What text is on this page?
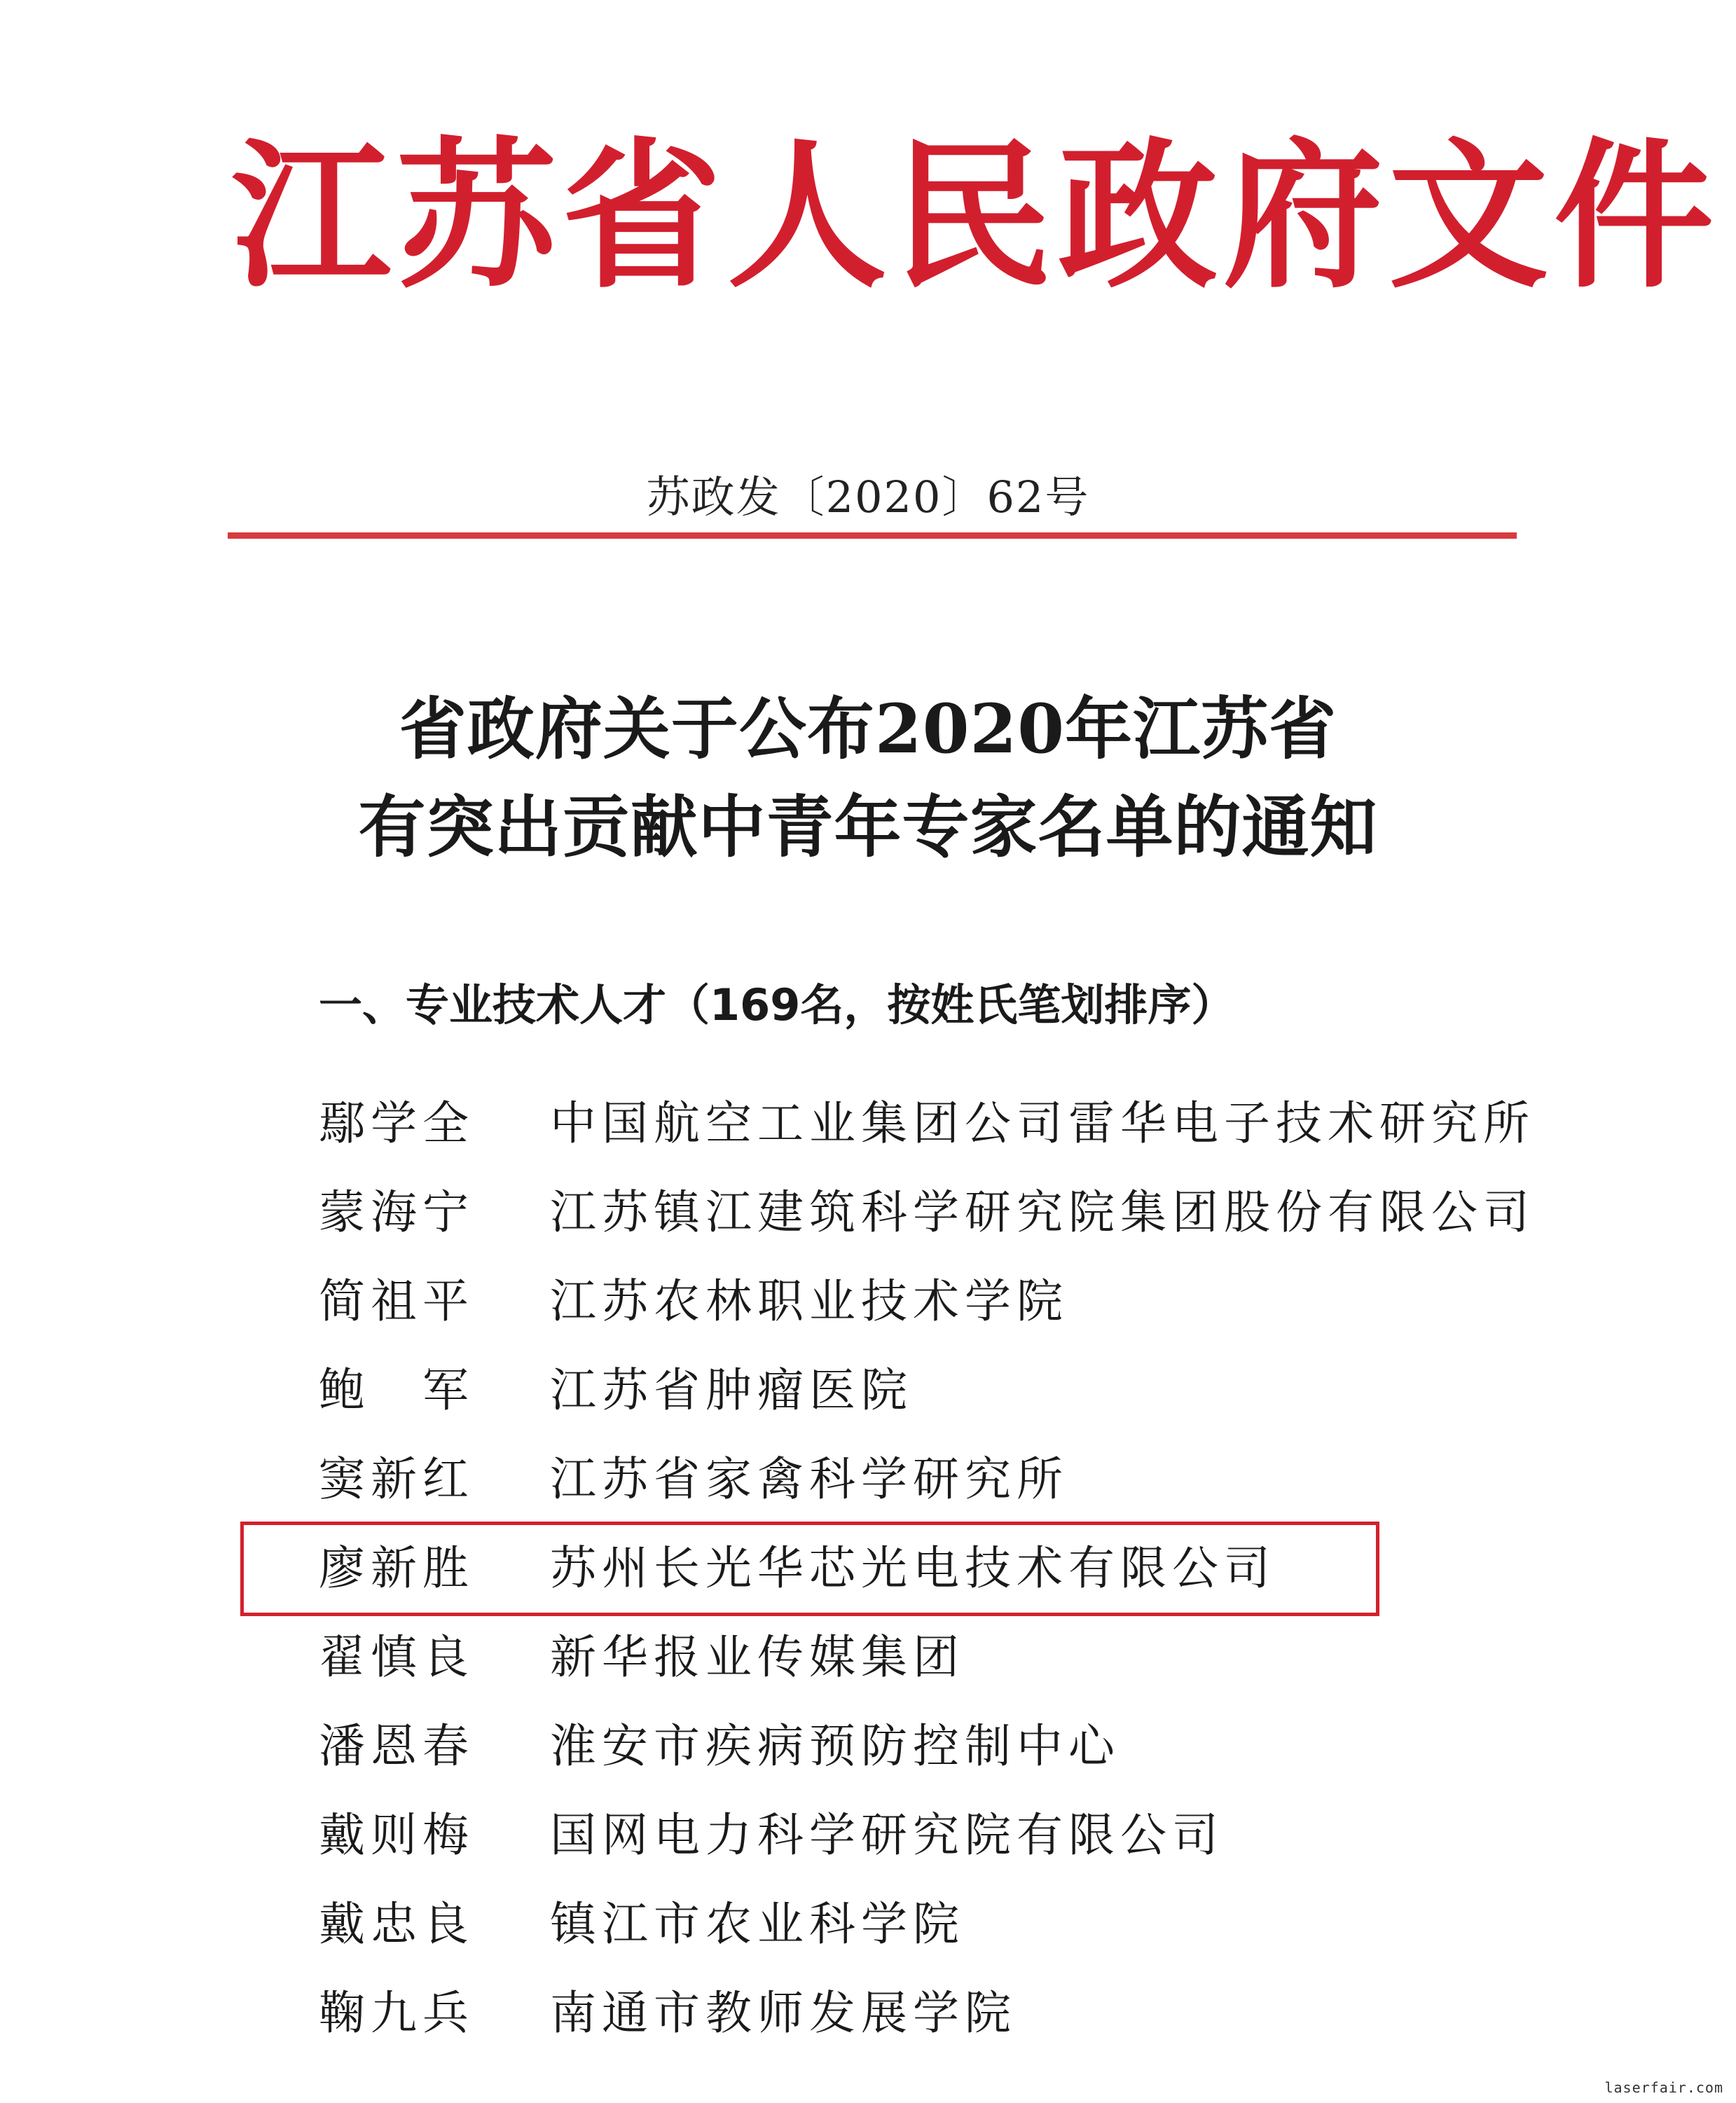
江苏省人民政府文件
苏政发〔2020〕62号
省政府关于公布2020年江苏省
有突出贡献中青年专家名单的通知
一、专业技术人才（169名，按姓氏笔划排序）
鄢学全 中国航空工业集团公司雷华电子技术研究所
蒙海宁 江苏镇江建筑科学研究院集团股份有限公司
简祖平 江苏农林职业技术学院
鲍　军 江苏省肿瘤医院
窦新红 江苏省家禽科学研究所
廖新胜 苏州长光华芯光电技术有限公司
翟慎良 新华报业传媒集团
潘恩春 淮安市疾病预防控制中心
戴则梅 国网电力科学研究院有限公司
戴忠良 镇江市农业科学院
鞠九兵 南通市教师发展学院
laserfair.com
